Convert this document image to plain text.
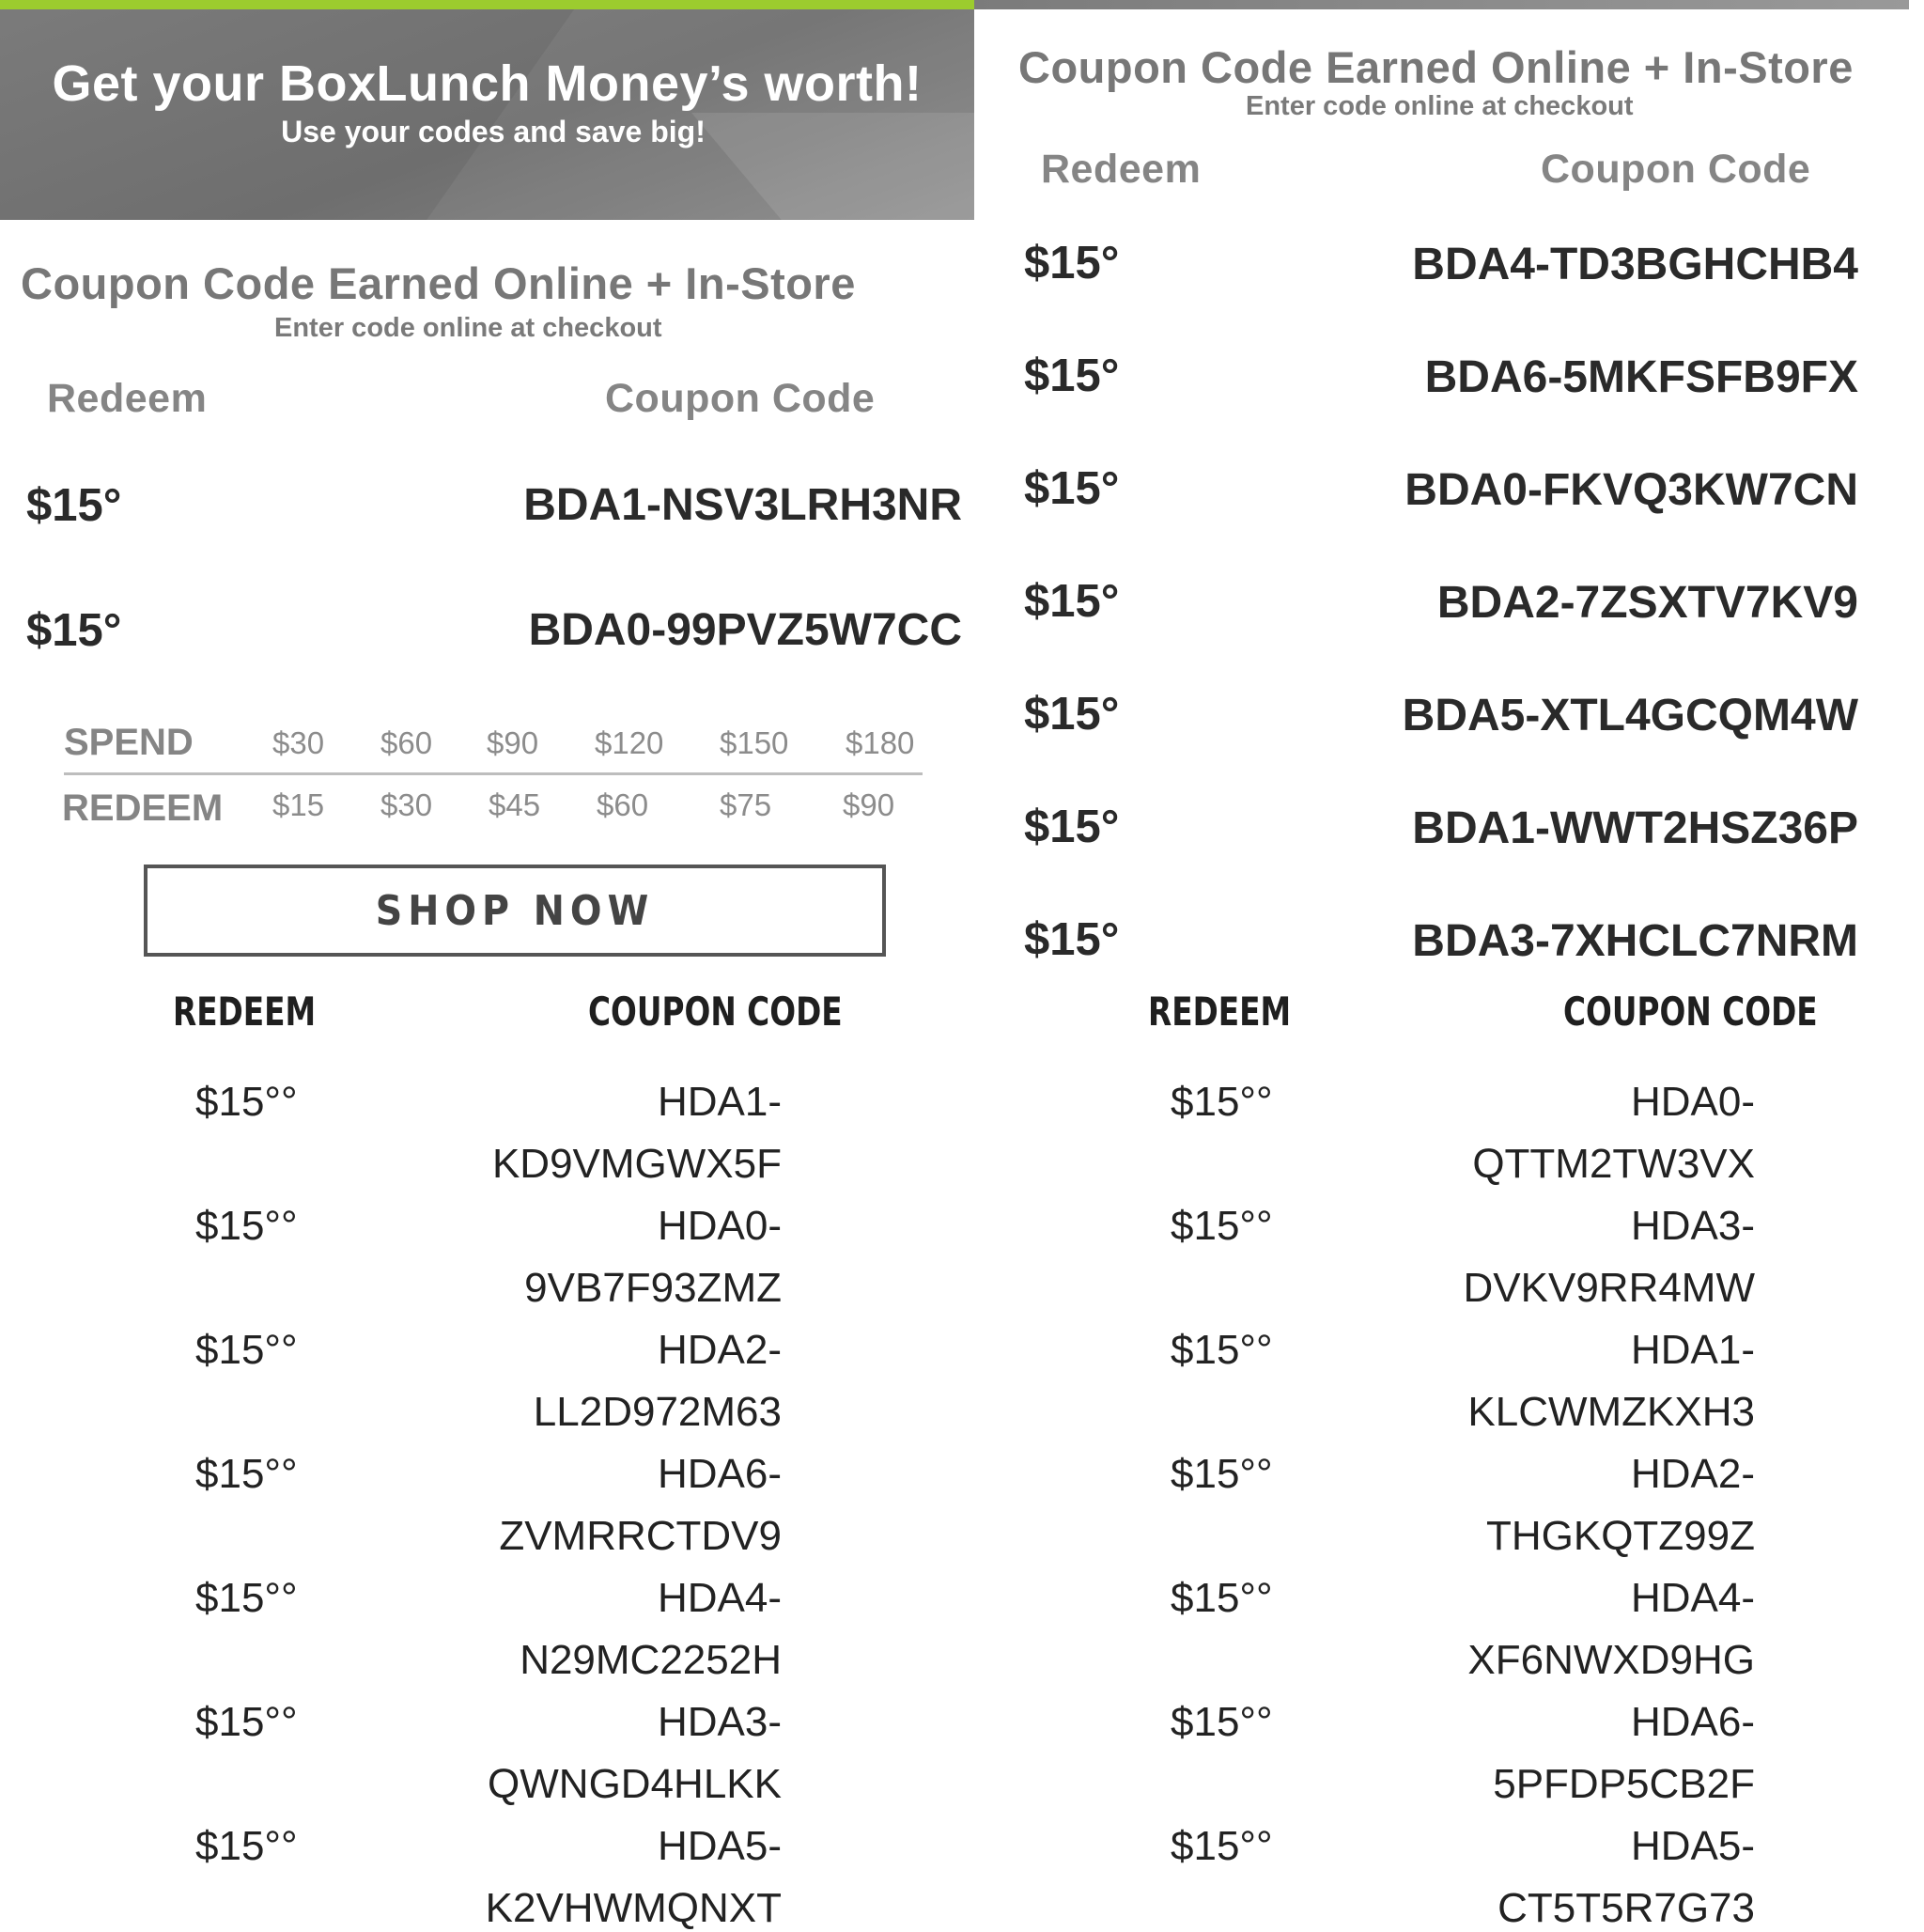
Get your BoxLunch Money’s worth!
Use your codes and save big!
Coupon Code Earned Online + In-Store
Enter code online at checkout
Redeem	Coupon Code
$15°	BDA1-NSV3LRH3NR
$15°	BDA0-99PVZ5W7CC
SPEND	$30 $60 $90 $120 $150 $180
REDEEM $15 $30 $45 $60 $75 $90
SHOP NOW
Coupon Code Earned Online + In-Store
Enter code online at checkout
Redeem	Coupon Code
$15°	BDA4-TD3BGHCHB4
$15°	BDA6-5MKFSFB9FX
$15°	BDA0-FKVQ3KW7CN
$15°	BDA2-7ZSXTV7KV9
$15°	BDA5-XTL4GCQM4W
$15°	BDA1-WWT2HSZ36P
$15°	BDA3-7XHCLC7NRM
REDEEM	COUPON CODE
$15°°	HDA1-
KD9VMGWX5F
$15°°	HDA0-
9VB7F93ZMZ
$15°°	HDA2-
LL2D972M63
$15°°	HDA6-
ZVMRRCTDV9
$15°°	HDA4-
N29MC2252H
$15°°	HDA3-
QWNGD4HLKK
$15°°	HDA5-
K2VHWMQNXT
REDEEM	COUPON CODE
$15°°	HDA0-
QTTM2TW3VX
$15°°	HDA3-
DVKV9RR4MW
$15°°	HDA1-
KLCWMZKXH3
$15°°	HDA2-
THGKQTZ99Z
$15°°	HDA4-
XF6NWXD9HG
$15°°	HDA6-
5PFDP5CB2F
$15°°	HDA5-
CT5T5R7G73
